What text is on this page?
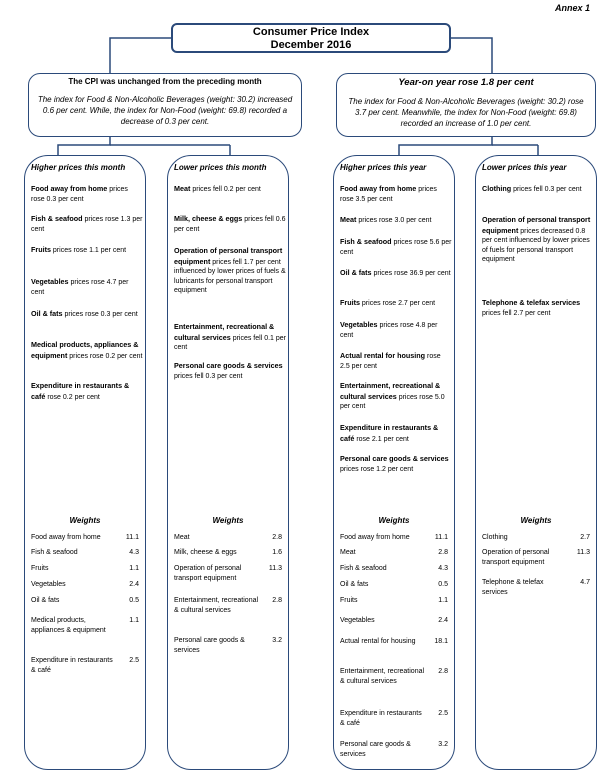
Annex 1
Consumer Price Index
December 2016
The CPI was unchanged from the preceding month
The index for Food & Non-Alcoholic Beverages (weight: 30.2) increased 0.6 per cent. While, the index for Non-Food (weight: 69.8) recorded a decrease of 0.3 per cent.
Year-on year rose 1.8 per cent
The index for Food & Non-Alcoholic Beverages (weight: 30.2) rose 3.7 per cent. Meanwhile, the index for Non-Food (weight: 69.8) recorded an increase of 1.0 per cent.
Higher prices this month
Food away from home prices rose 0.3 per cent
Fish & seafood prices rose 1.3 per cent
Fruits prices rose 1.1 per cent
Vegetables prices rose 4.7 per cent
Oil & fats prices rose 0.3 per cent
Medical products, appliances & equipment prices rose 0.2 per cent
Expenditure in restaurants & café rose 0.2 per cent
Weights
Food away from home	11.1
Fish & seafood	4.3
Fruits	1.1
Vegetables	2.4
Oil & fats	0.5
Medical products, appliances & equipment
1.1
Expenditure in restaurants & café
2.5
Lower prices this month
Meat prices fell 0.2 per cent
Milk, cheese & eggs prices fell 0.6 per cent
Operation of personal transport equipment prices fell 1.7 per cent influenced by lower prices of fuels & lubricants for personal transport equipment
Entertainment, recreational & cultural services prices fell 0.1 per cent
Personal care goods & services prices fell 0.3 per cent
Weights
Meat	2.8
Milk, cheese & eggs	1.6
Operation of personal transport equipment
11.3
Entertainment, recreational & cultural services
2.8
Personal care goods & services
3.2
Higher prices this year
Food away from home prices rose 3.5 per cent
Meat prices rose 3.0 per cent
Fish & seafood prices rose 5.6 per cent
Oil & fats prices rose 36.9 per cent
Fruits prices rose 2.7 per cent
Vegetables prices rose 4.8 per cent
Actual rental for housing rose 2.5 per cent
Entertainment, recreational & cultural services prices rose 5.0 per cent
Expenditure in restaurants & café rose 2.1 per cent
Personal care goods & services prices rose 1.2 per cent
Weights
Food away from home	11.1
Meat	2.8
Fish & seafood	4.3
Oil & fats	0.5
Fruits	1.1
Vegetables	2.4
Actual rental for housing	18.1
Entertainment, recreational & cultural services
2.8
Expenditure in restaurants & café
2.5
Personal care goods & services
3.2
Lower prices this year
Clothing prices fell 0.3 per cent
Operation of personal transport equipment prices decreased 0.8 per cent influenced by lower prices of fuels for personal transport equipment
Telephone & telefax services prices fell 2.7 per cent
Weights
Clothing	2.7
Operation of personal transport equipment
11.3
Telephone & telefax services
4.7
